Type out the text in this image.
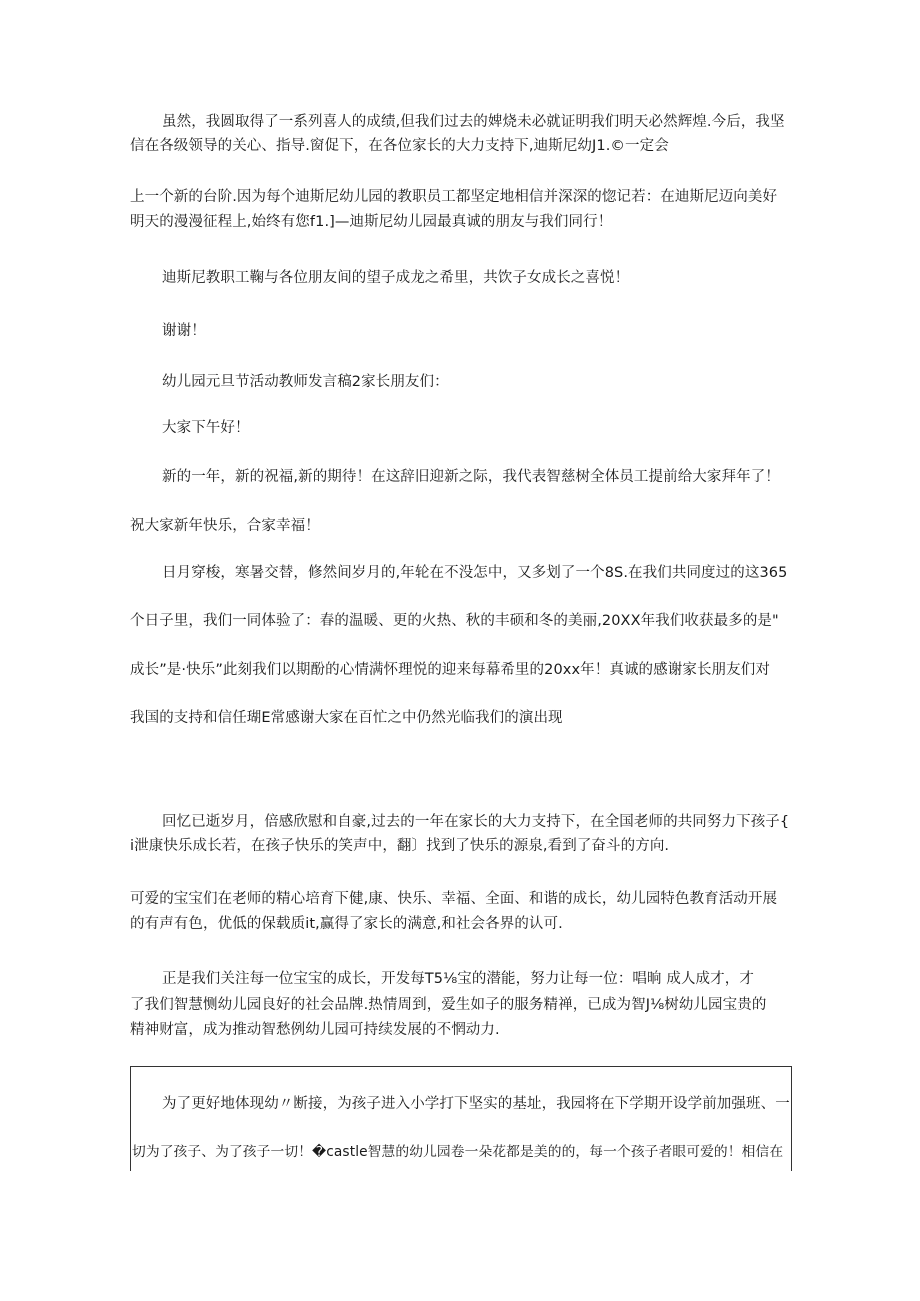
虽然，我圆取得了一系列喜人的成绩,但我们过去的婢烧未必就证明我们明天必然辉煌.今后，我坚

信在各级领导的关心、指导.窗促下，在各位家长的大力支持下,迪斯尼幼J1.©一定会

上一个新的台阶.因为每个迪斯尼幼儿园的教职员工都坚定地相信并深深的惚记若：在迪斯尼迈向美好

明天的漫漫征程上,始终有您f1.]—迪斯尼幼儿园最真诚的朋友与我们同行！

迪斯尼教职工鞠与各位朋友间的望子成龙之希里，共饮子女成长之喜悦！

谢谢！

幼儿园元旦节活动教师发言稿2家长朋友们：

大家下午好！

新的一年，新的祝福,新的期待！在这辞旧迎新之际，我代表智慈树全体员工提前给大家拜年了！

祝大家新年快乐，合家幸福！

日月穿梭，寒暑交替，修然间岁月的,年轮在不没怎中，又多划了一个8S.在我们共同度过的这365

个日子里，我们一同体验了：春的温暖、更的火热、秋的丰硕和冬的美丽,20XX年我们收获最多的是"

成长”是·快乐”此刻我们以期酚的心情满怀理悦的迎来每幕希里的20xx年！真诚的感谢家长朋友们对

我国的支持和信任瑚E常感谢大家在百忙之中仍然光临我们的演出现

回忆已逝岁月，倍感欣慰和自豪,过去的一年在家长的大力支持下，在全国老师的共同努力下孩子{

i泄康快乐成长若，在孩子快乐的笑声中，翻〕找到了快乐的源泉,看到了奋斗的方向.

可爱的宝宝们在老师的精心培育下健,康、快乐、幸福、全面、和谐的成长，幼儿园特色教育活动开展

的有声有色，优低的保载质it,赢得了家长的满意,和社会各界的认可.

正是我们关注每一位宝宝的成长，开发每T5⅛宝的潜能，努力让每一位：唱晌 成人成才，才

了我们智慧恻幼儿园良好的社会品牌.热情周到，爱生如子的服务精禅，已成为智J⅛树幼儿园宝贵的

精神财富，成为推动智愁例幼儿园可持续发展的不惘动力.

为了更好地体现幼〃断接，为孩子进入小学打下坚实的基址，我园将在下学期开设学前加强班、一

切为了孩子、为了孩子一切！�castle智慧的幼儿园卷一朵花都是美的的，每一个孩子者眼可爱的！相信在
